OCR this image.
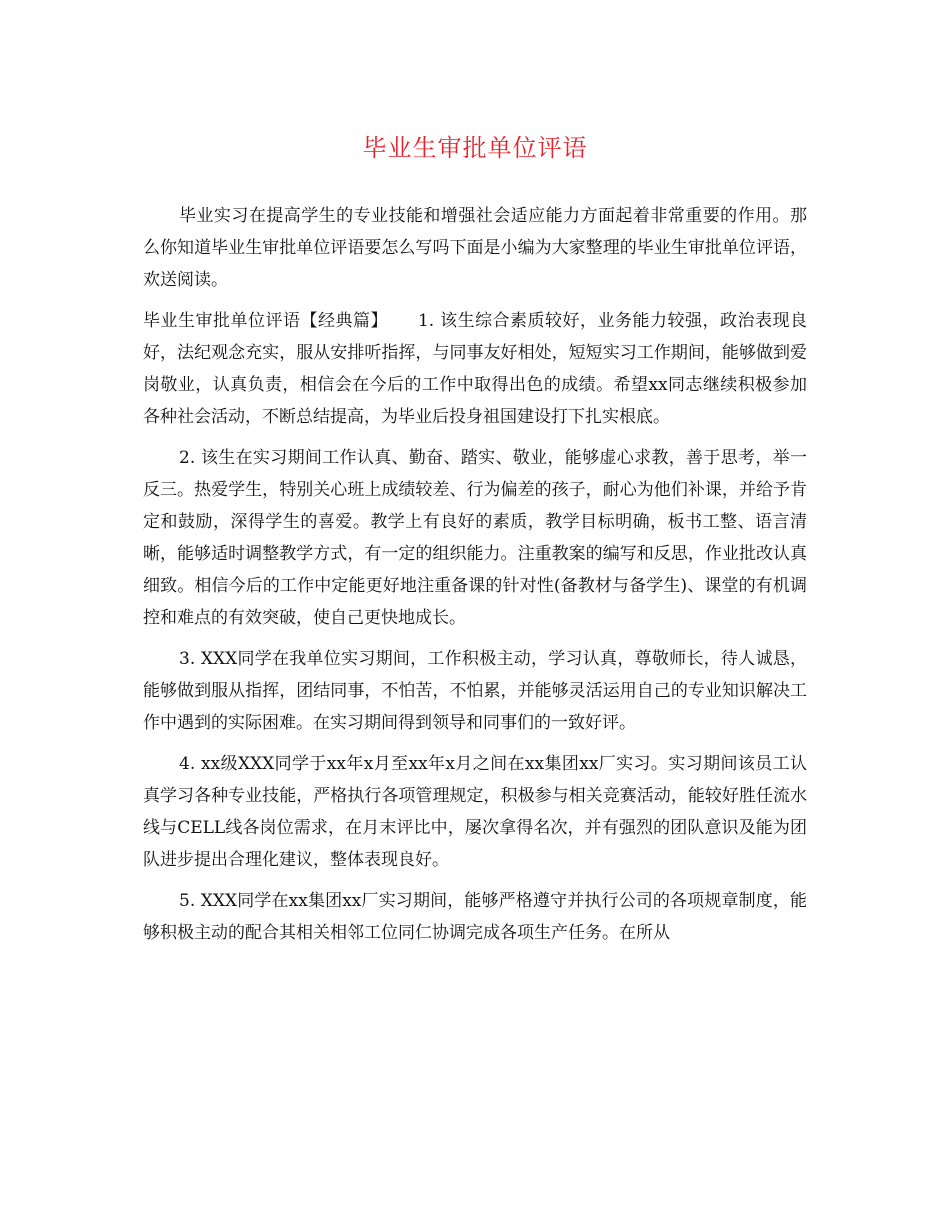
毕业生审批单位评语

毕业实习在提高学生的专业技能和增强社会适应能力方面起着非常重要的作用。那么你知道毕业生审批单位评语要怎么写吗下面是小编为大家整理的毕业生审批单位评语，欢送阅读。

毕业生审批单位评语【经典篇】 1. 该生综合素质较好，业务能力较强，政治表现良好，法纪观念充实，服从安排听指挥，与同事友好相处，短短实习工作期间，能够做到爱岗敬业，认真负责，相信会在今后的工作中取得出色的成绩。希望xx同志继续积极参加各种社会活动，不断总结提高，为毕业后投身祖国建设打下扎实根底。

2. 该生在实习期间工作认真、勤奋、踏实、敬业，能够虚心求教，善于思考，举一反三。热爱学生，特别关心班上成绩较差、行为偏差的孩子，耐心为他们补课，并给予肯定和鼓励，深得学生的喜爱。教学上有良好的素质，教学目标明确，板书工整、语言清晰，能够适时调整教学方式，有一定的组织能力。注重教案的编写和反思，作业批改认真细致。相信今后的工作中定能更好地注重备课的针对性(备教材与备学生)、课堂的有机调控和难点的有效突破，使自己更快地成长。

3. XXX同学在我单位实习期间，工作积极主动，学习认真，尊敬师长，待人诚恳，能够做到服从指挥，团结同事，不怕苦，不怕累，并能够灵活运用自己的专业知识解决工作中遇到的实际困难。在实习期间得到领导和同事们的一致好评。

4. xx级XXX同学于xx年x月至xx年x月之间在xx集团xx厂实习。实习期间该员工认真学习各种专业技能，严格执行各项管理规定，积极参与相关竞赛活动，能较好胜任流水线与CELL线各岗位需求，在月末评比中，屡次拿得名次，并有强烈的团队意识及能为团队进步提出合理化建议，整体表现良好。

5. XXX同学在xx集团xx厂实习期间，能够严格遵守并执行公司的各项规章制度，能够积极主动的配合其相关相邻工位同仁协调完成各项生产任务。在所从
